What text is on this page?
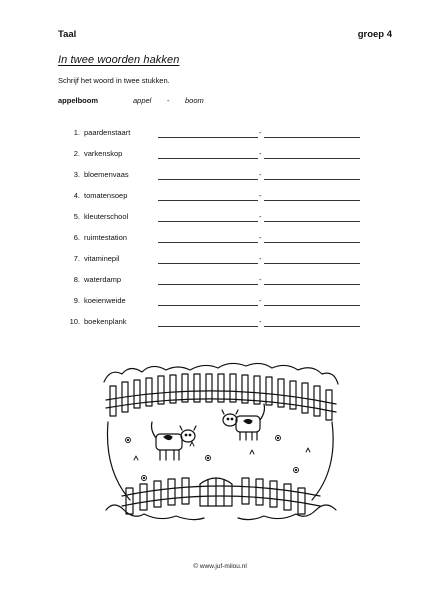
Taal	groep 4
In twee woorden hakken
Schrijf het woord in twee stukken.
appelboom	appel - boom
1. paardenstaart	-
2. varkenskop	-
3. bloemenvaas	-
4. tomatensoep	-
5. kleuterschool	-
6. ruimtestation	-
7. vitaminepil	-
8. waterdamp	-
9. koeienweide	-
10. boekenplank	-
© www.juf-milou.nl
